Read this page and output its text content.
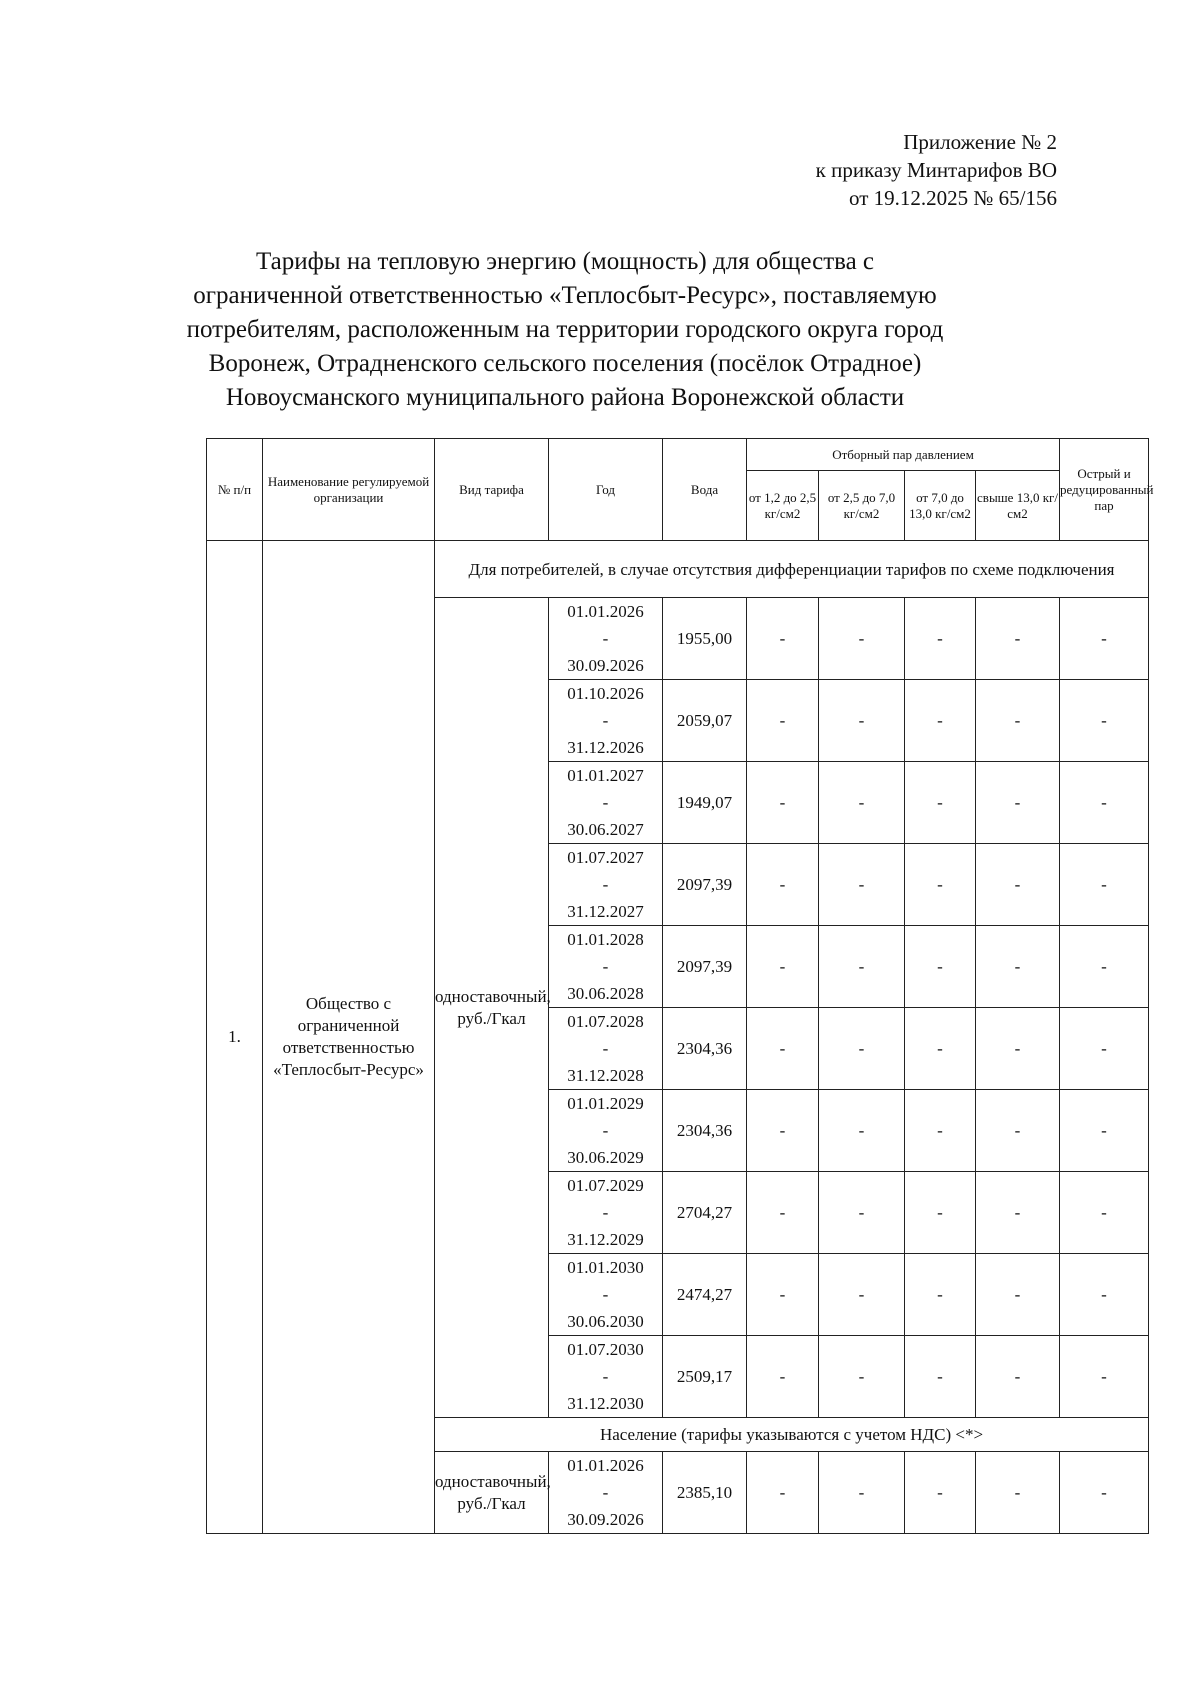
Приложение № 2
к приказу Минтарифов ВО
от 19.12.2025 № 65/156
Тарифы на тепловую энергию (мощность) для общества с ограниченной ответственностью «Теплосбыт-Ресурс», поставляемую потребителям, расположенным на территории городского округа город Воронеж, Отрадненского сельского поселения (посёлок Отрадное) Новоусманского муниципального района Воронежской области
№ п/п	Наименование регулируемой организации	Вид тарифа	Год	Вода	Отборный пар давлением				Острый и редуцированный пар
					от 1,2 до 2,5 кг/см2	от 2,5 до 7,0 кг/см2	от 7,0 до 13,0 кг/см2	свыше 13,0 кг/см2	
1.	Общество с ограниченной ответственностью «Теплосбыт-Ресурс»	Для потребителей, в случае отсутствия дифференциации тарифов по схеме подключения							
		одноставочный, руб./Гкал	01.01.2026
-
30.09.2026	1955,00	-	-	-	-	-

			01.10.2026
-
31.12.2026	2059,07	-	-	-	-	-

			01.01.2027
-
30.06.2027	1949,07	-	-	-	-	-

			01.07.2027
-
31.12.2027	2097,39	-	-	-	-	-

			01.01.2028
-
30.06.2028	2097,39	-	-	-	-	-

			01.07.2028
-
31.12.2028	2304,36	-	-	-	-	-

			01.01.2029
-
30.06.2029	2304,36	-	-	-	-	-

			01.07.2029
-
31.12.2029	2704,27	-	-	-	-	-

			01.01.2030
-
30.06.2030	2474,27	-	-	-	-	-

			01.07.2030
-
31.12.2030	2509,17	-	-	-	-	-
		Население (тарифы указываются с учетом НДС) <*>							
		одноставочный, руб./Гкал	01.01.2026
-
30.09.2026	2385,10	-	-	-	-	-
